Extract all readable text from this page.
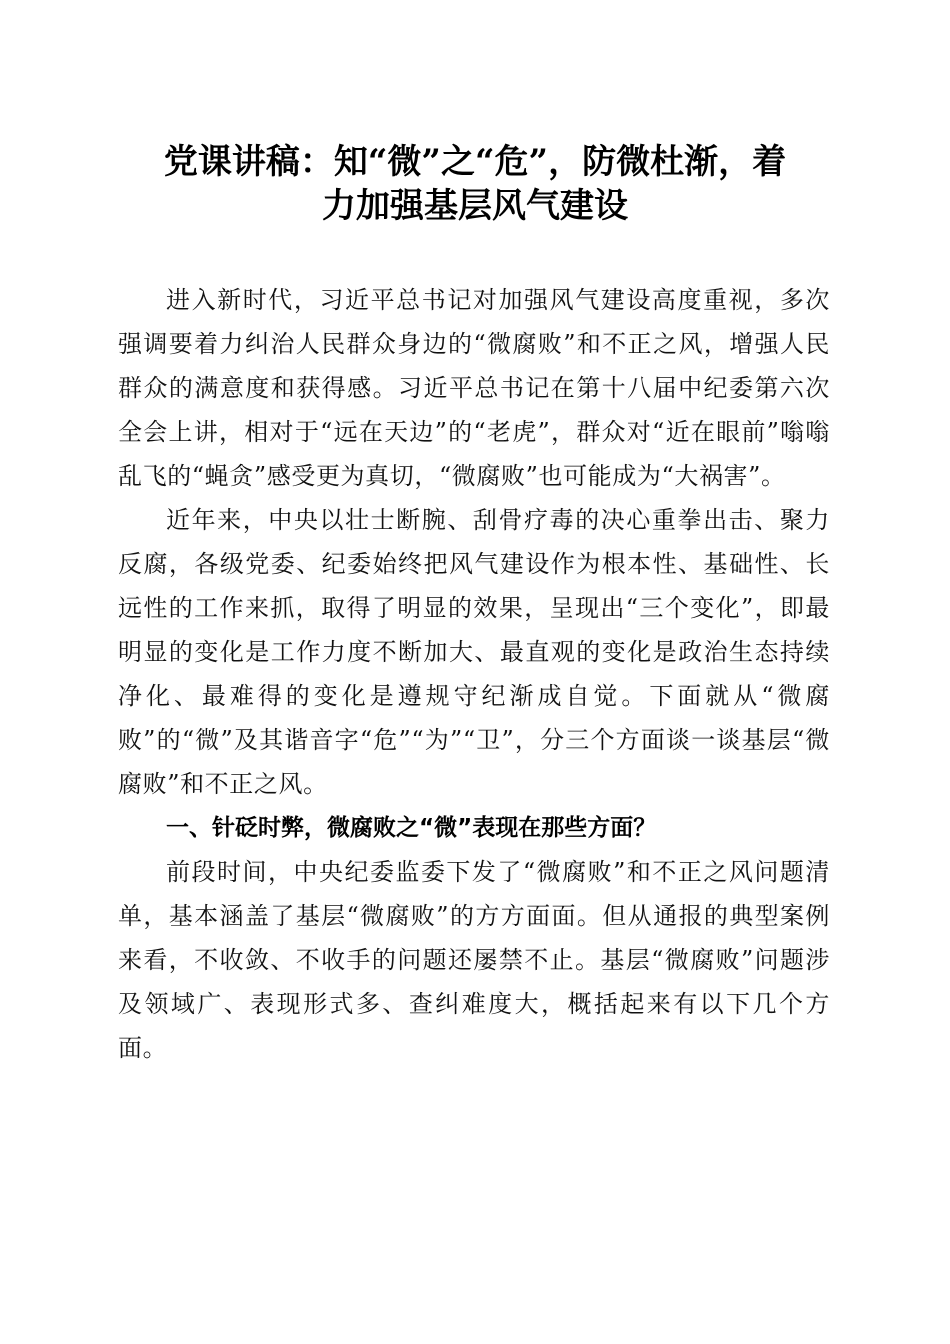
党课讲稿：知“微”之“危”，防微杜渐，着
力加强基层风气建设

进入新时代，习近平总书记对加强风气建设高度重视，多次强调要着力纠治人民群众身边的“微腐败”和不正之风，增强人民群众的满意度和获得感。习近平总书记在第十八届中纪委第六次全会上讲，相对于“远在天边”的“老虎”，群众对“近在眼前”嗡嗡乱飞的“蝇贪”感受更为真切，“微腐败”也可能成为“大祸害”。

近年来，中央以壮士断腕、刮骨疗毒的决心重拳出击、聚力反腐，各级党委、纪委始终把风气建设作为根本性、基础性、长远性的工作来抓，取得了明显的效果，呈现出“三个变化”，即最明显的变化是工作力度不断加大、最直观的变化是政治生态持续净化、最难得的变化是遵规守纪渐成自觉。下面就从“微腐败”的“微”及其谐音字“危”“为”“卫”，分三个方面谈一谈基层“微腐败”和不正之风。

一、针砭时弊，微腐败之“微”表现在那些方面？

前段时间，中央纪委监委下发了“微腐败”和不正之风问题清单，基本涵盖了基层“微腐败”的方方面面。但从通报的典型案例来看，不收敛、不收手的问题还屡禁不止。基层“微腐败”问题涉及领域广、表现形式多、查纠难度大，概括起来有以下几个方面。
